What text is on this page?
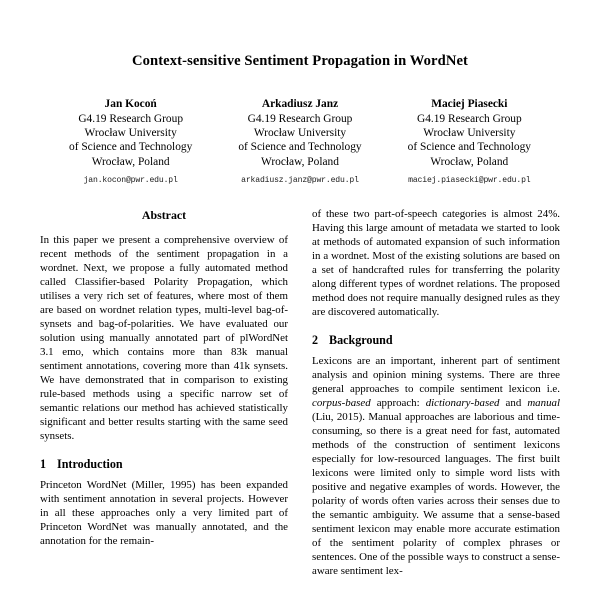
Context-sensitive Sentiment Propagation in WordNet
Jan Kocoń
G4.19 Research Group
Wrocław University
of Science and Technology
Wrocław, Poland
jan.kocon@pwr.edu.pl
Arkadiusz Janz
G4.19 Research Group
Wrocław University
of Science and Technology
Wrocław, Poland
arkadiusz.janz@pwr.edu.pl
Maciej Piasecki
G4.19 Research Group
Wrocław University
of Science and Technology
Wrocław, Poland
maciej.piasecki@pwr.edu.pl
Abstract

In this paper we present a comprehensive overview of recent methods of the sentiment propagation in a wordnet. Next, we propose a fully automated method called Classifier-based Polarity Propagation, which utilises a very rich set of features, where most of them are based on wordnet relation types, multi-level bag-of-synsets and bag-of-polarities. We have evaluated our solution using manually annotated part of plWordNet 3.1 emo, which contains more than 83k manual sentiment annotations, covering more than 41k synsets. We have demonstrated that in comparison to existing rule-based methods using a specific narrow set of semantic relations our method has achieved statistically significant and better results starting with the same seed synsets.

1 Introduction

Princeton WordNet (Miller, 1995) has been expanded with sentiment annotation in several projects. However in all these approaches only a very limited part of Princeton WordNet was manually annotated, and the annotation for the remain-

of these two part-of-speech categories is almost 24%. Having this large amount of metadata we started to look at methods of automated expansion of such information in a wordnet. Most of the existing solutions are based on a set of handcrafted rules for transferring the polarity along different types of wordnet relations. The proposed method does not require manually designed rules as they are discovered automatically.

2 Background

Lexicons are an important, inherent part of sentiment analysis and opinion mining systems. There are three general approaches to compile sentiment lexicon i.e. corpus-based approach: dictionary-based and manual (Liu, 2015). Manual approaches are laborious and time-consuming, so there is a great need for fast, automated methods of the construction of sentiment lexicons especially for low-resourced languages. The first built lexicons were limited only to simple word lists with positive and negative examples of words. However, the polarity of words often varies across their senses due to the semantic ambiguity. We assume that a sense-based sentiment lexicon may enable more accurate estimation of the sentiment polarity of complex phrases or sentences. One of the possible ways to construct a sense-aware sentiment lex-
